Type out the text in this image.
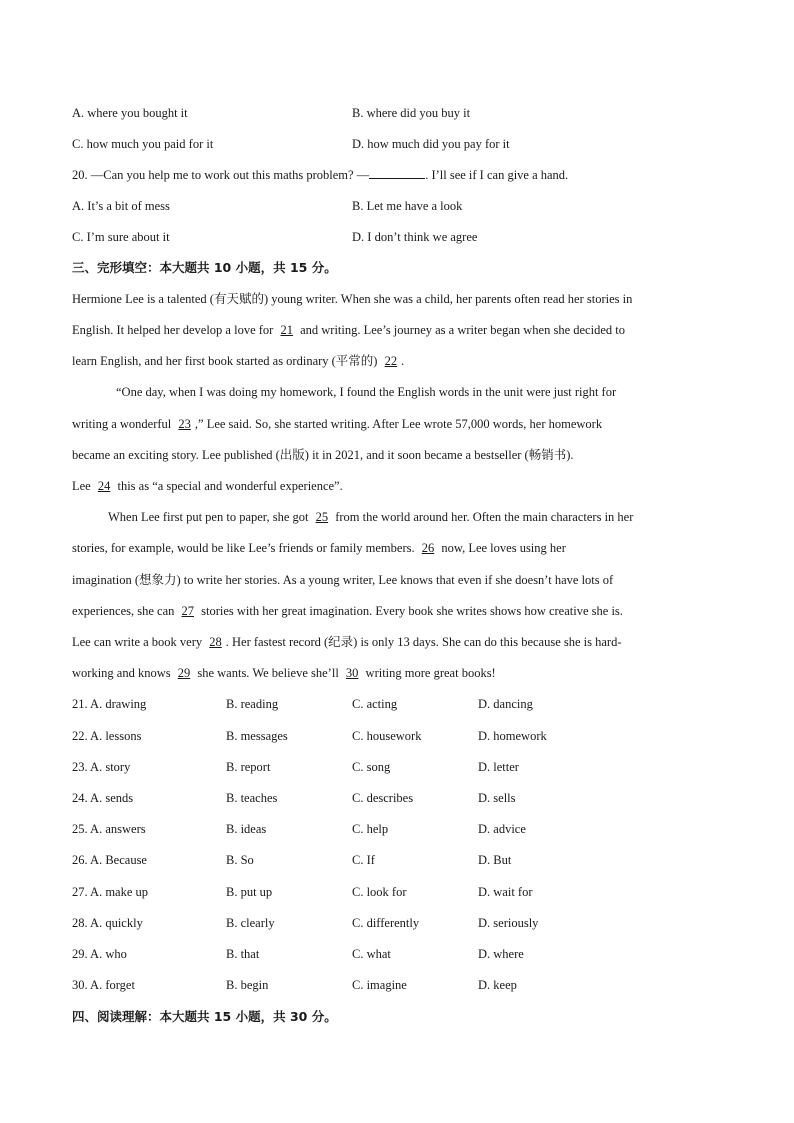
A. where you bought it	B. where did you buy it
C. how much you paid for it	D. how much did you pay for it
20. —Can you help me to work out this maths problem? —	. I’ll see if I can give a hand.
A. It’s a bit of mess	B. Let me have a look
C. I’m sure about it	D. I don’t think we agree
三、完形填空：本大题共 10 小题，共 15 分。
Hermione Lee is a talented (有天赋的) young writer. When she was a child, her parents often read her stories in
English. It helped her develop a love for 21 and writing. Lee’s journey as a writer began when she decided to
learn English, and her first book started as ordinary (平常的) 22 .
“One day, when I was doing my homework, I found the English words in the unit were just right for
writing a wonderful 23 ,” Lee said. So, she started writing. After Lee wrote 57,000 words, her homework
became an exciting story. Lee published (出版) it in 2021, and it soon became a bestseller (畅销书).
Lee 24 this as “a special and wonderful experience”.
When Lee first put pen to paper, she got 25 from the world around her. Often the main characters in her
stories, for example, would be like Lee’s friends or family members. 26 now, Lee loves using her
imagination (想象力) to write her stories. As a young writer, Lee knows that even if she doesn’t have lots of
experiences, she can 27 stories with her great imagination. Every book she writes shows how creative she is.
Lee can write a book very 28 . Her fastest record (纪录) is only 13 days. She can do this because she is hard-
working and knows 29 she wants. We believe she’ll 30 writing more great books!
21. A. drawing	B. reading	C. acting	D. dancing
22. A. lessons	B. messages	C. housework	D. homework
23. A. story	B. report	C. song	D. letter
24. A. sends	B. teaches	C. describes	D. sells
25. A. answers	B. ideas	C. help	D. advice
26. A. Because	B. So	C. If	D. But
27. A. make up	B. put up	C. look for	D. wait for
28. A. quickly	B. clearly	C. differently	D. seriously
29. A. who	B. that	C. what	D. where
30. A. forget	B. begin	C. imagine	D. keep
四、阅读理解：本大题共 15 小题，共 30 分。
